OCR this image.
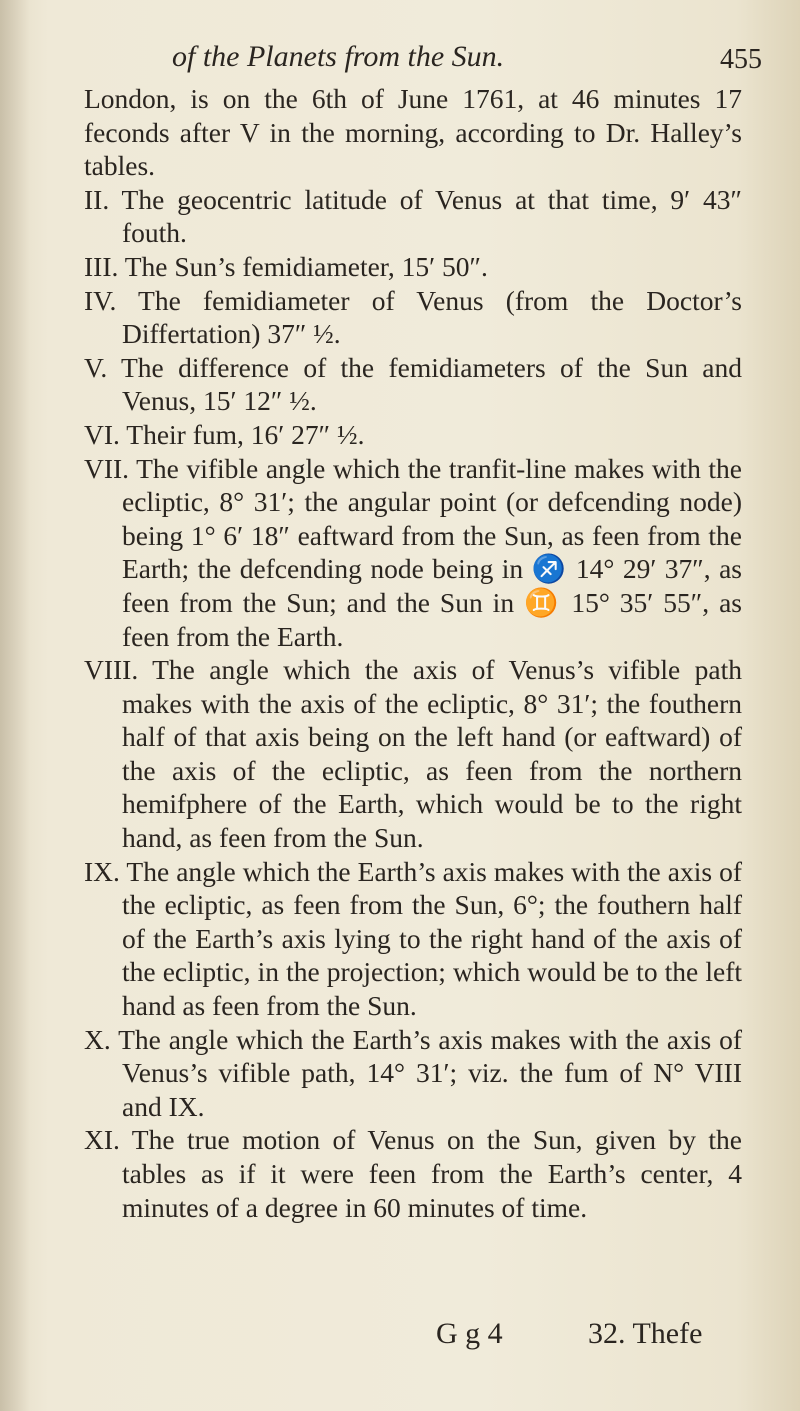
of the Planets from the Sun.	455

London, is on the 6th of June 1761, at 46 minutes 17 feconds after V in the morning, according to Dr. Halley’s tables.

II. The geocentric latitude of Venus at that time, 9′ 43″ fouth.

III. The Sun’s femidiameter, 15′ 50″.

IV. The femidiameter of Venus (from the Doctor’s Differtation) 37″ ½.

V. The difference of the femidiameters of the Sun and Venus, 15′ 12″ ½.

VI. Their fum, 16′ 27″ ½.

VII. The vifible angle which the tranfit-line makes with the ecliptic, 8° 31′; the angular point (or defcending node) being 1° 6′ 18″ eaftward from the Sun, as feen from the Earth; the defcending node being in ♐ 14° 29′ 37″, as feen from the Sun; and the Sun in ♊ 15° 35′ 55″, as feen from the Earth.

VIII. The angle which the axis of Venus’s vifible path makes with the axis of the ecliptic, 8° 31′; the fouthern half of that axis being on the left hand (or eaftward) of the axis of the ecliptic, as feen from the northern hemifphere of the Earth, which would be to the right hand, as feen from the Sun.

IX. The angle which the Earth’s axis makes with the axis of the ecliptic, as feen from the Sun, 6°; the fouthern half of the Earth’s axis lying to the right hand of the axis of the ecliptic, in the projection; which would be to the left hand as feen from the Sun.

X. The angle which the Earth’s axis makes with the axis of Venus’s vifible path, 14° 31′; viz. the fum of N° VIII and IX.

XI. The true motion of Venus on the Sun, given by the tables as if it were feen from the Earth’s center, 4 minutes of a degree in 60 minutes of time.

G g 4	32. Thefe
